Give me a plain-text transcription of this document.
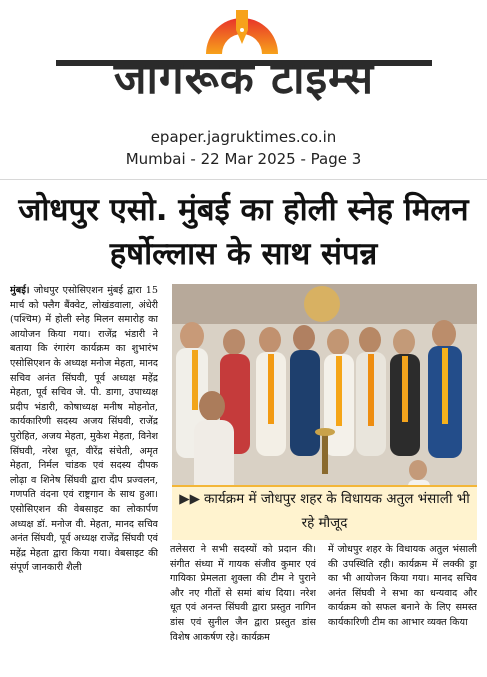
जागरूक टाइम्स
epaper.jagruktimes.co.in
Mumbai - 22 Mar 2025 - Page 3
जोधपुर एसो. मुंबई का होली स्नेह मिलन हर्षोल्लास के साथ संपन्न
मुंबई। जोधपुर एसोसिएशन मुंबई द्वारा 15 मार्च को फ्लैग बैंक्वेट, लोखंडवाला, अंधेरी (पश्चिम) में होली स्नेह मिलन समारोह का आयोजन किया गया। राजेंद्र भंडारी ने बताया कि रंगारंग कार्यक्रम का शुभारंभ एसोसिएशन के अध्यक्ष मनोज मेहता, मानद सचिव अनंत सिंघवी, पूर्व अध्यक्ष महेंद्र मेहता, पूर्व सचिव जे. पी. डागा, उपाध्यक्ष प्रदीप भंडारी, कोषाध्यक्ष मनीष मोहनोत, कार्यकारिणी सदस्य अजय सिंघवी, राजेंद्र पुरोहित, अजय मेहता, मुकेश मेहता, विनेश सिंघवी, नरेश धूत, वीरेंद्र संचेती, अमृत मेहता, निर्मल चांडक एवं सदस्य दीपक लोढ़ा व शिनेष सिंघवी द्वारा दीप प्रज्वलन, गणपति वंदना एवं राष्ट्रगान के साथ हुआ। एसोसिएशन की वेबसाइट का लोकार्पण अध्यक्ष डॉ. मनोज वी. मेहता, मानद सचिव अनंत सिंघवी, पूर्व अध्यक्ष राजेंद्र सिंघवी एवं महेंद्र मेहता द्वारा किया गया। वेबसाइट की संपूर्ण जानकारी शैली
▶▶ कार्यक्रम में जोधपुर शहर के विधायक अतुल भंसाली भी रहे मौजूद
तलेसरा ने सभी सदस्यों को प्रदान की। संगीत संध्या में गायक संजीव कुमार एवं गायिका प्रेमलता शुक्ला की टीम ने पुराने और नए गीतों से समां बांध दिया। नरेश धूत एवं अनन्त सिंघवी द्वारा प्रस्तुत नागिन डांस एवं सुनील जैन द्वारा प्रस्तुत डांस विशेष आकर्षण रहे। कार्यक्रम
में जोधपुर शहर के विधायक अतुल भंसाली की उपस्थिति रही। कार्यक्रम में लक्की ड्रा का भी आयोजन किया गया। मानद सचिव अनंत सिंघवी ने सभा का धन्यवाद और कार्यक्रम को सफल बनाने के लिए समस्त कार्यकारिणी टीम का आभार व्यक्त किया
